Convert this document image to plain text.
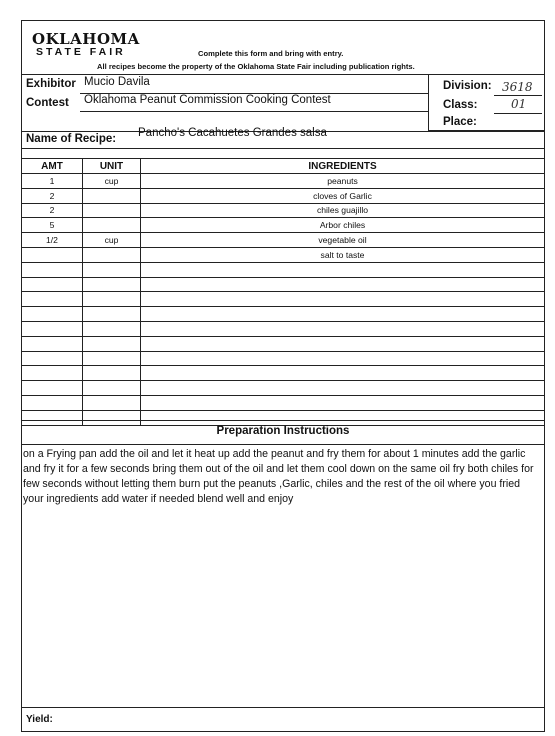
OKLAHOMA
STATE FAIR	Complete this form and bring with entry.
All recipes become the property of the Oklahoma State Fair including publication rights.
Exhibitor Mucio Davila
Contest Oklahoma Peanut Commission Cooking Contest
Name of Recipe: Pancho's Cacahuetes Grandes salsa
Division: 3618
Class:	01
Place:
AMT	UNIT	INGREDIENTS
1	cup	peanuts
2		cloves of Garlic
2		chiles guajillo
5		Arbor chiles
1/2	cup	vegetable oil
		salt to taste

Preparation Instructions
on a Frying pan add the oil and let it heat up add the peanut and fry them for about 1 minutes add the garlic and fry it for a few seconds bring them out of the oil and let them cool down on the same oil fry both chiles for few seconds without letting them burn put the peanuts ,Garlic, chiles and the rest of the oil where you fried your ingredients add water if needed blend well and enjoy
Yield:
